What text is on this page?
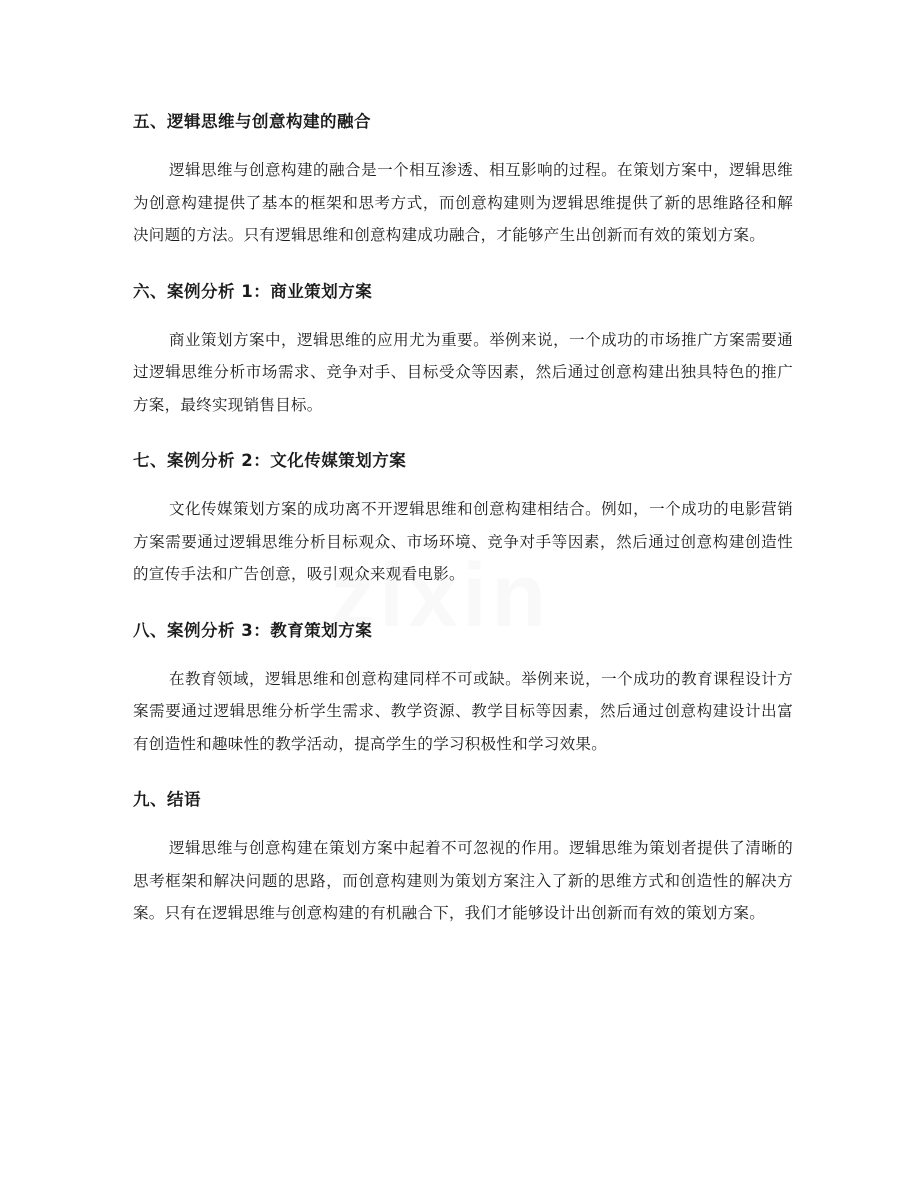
五、逻辑思维与创意构建的融合

逻辑思维与创意构建的融合是一个相互渗透、相互影响的过程。在策划方案中，逻辑思维为创意构建提供了基本的框架和思考方式，而创意构建则为逻辑思维提供了新的思维路径和解决问题的方法。只有逻辑思维和创意构建成功融合，才能够产生出创新而有效的策划方案。

六、案例分析 1：商业策划方案

商业策划方案中，逻辑思维的应用尤为重要。举例来说，一个成功的市场推广方案需要通过逻辑思维分析市场需求、竞争对手、目标受众等因素，然后通过创意构建出独具特色的推广方案，最终实现销售目标。

七、案例分析 2：文化传媒策划方案

文化传媒策划方案的成功离不开逻辑思维和创意构建相结合。例如，一个成功的电影营销方案需要通过逻辑思维分析目标观众、市场环境、竞争对手等因素，然后通过创意构建创造性的宣传手法和广告创意，吸引观众来观看电影。

八、案例分析 3：教育策划方案

在教育领域，逻辑思维和创意构建同样不可或缺。举例来说，一个成功的教育课程设计方案需要通过逻辑思维分析学生需求、教学资源、教学目标等因素，然后通过创意构建设计出富有创造性和趣味性的教学活动，提高学生的学习积极性和学习效果。

九、结语

逻辑思维与创意构建在策划方案中起着不可忽视的作用。逻辑思维为策划者提供了清晰的思考框架和解决问题的思路，而创意构建则为策划方案注入了新的思维方式和创造性的解决方案。只有在逻辑思维与创意构建的有机融合下，我们才能够设计出创新而有效的策划方案。
